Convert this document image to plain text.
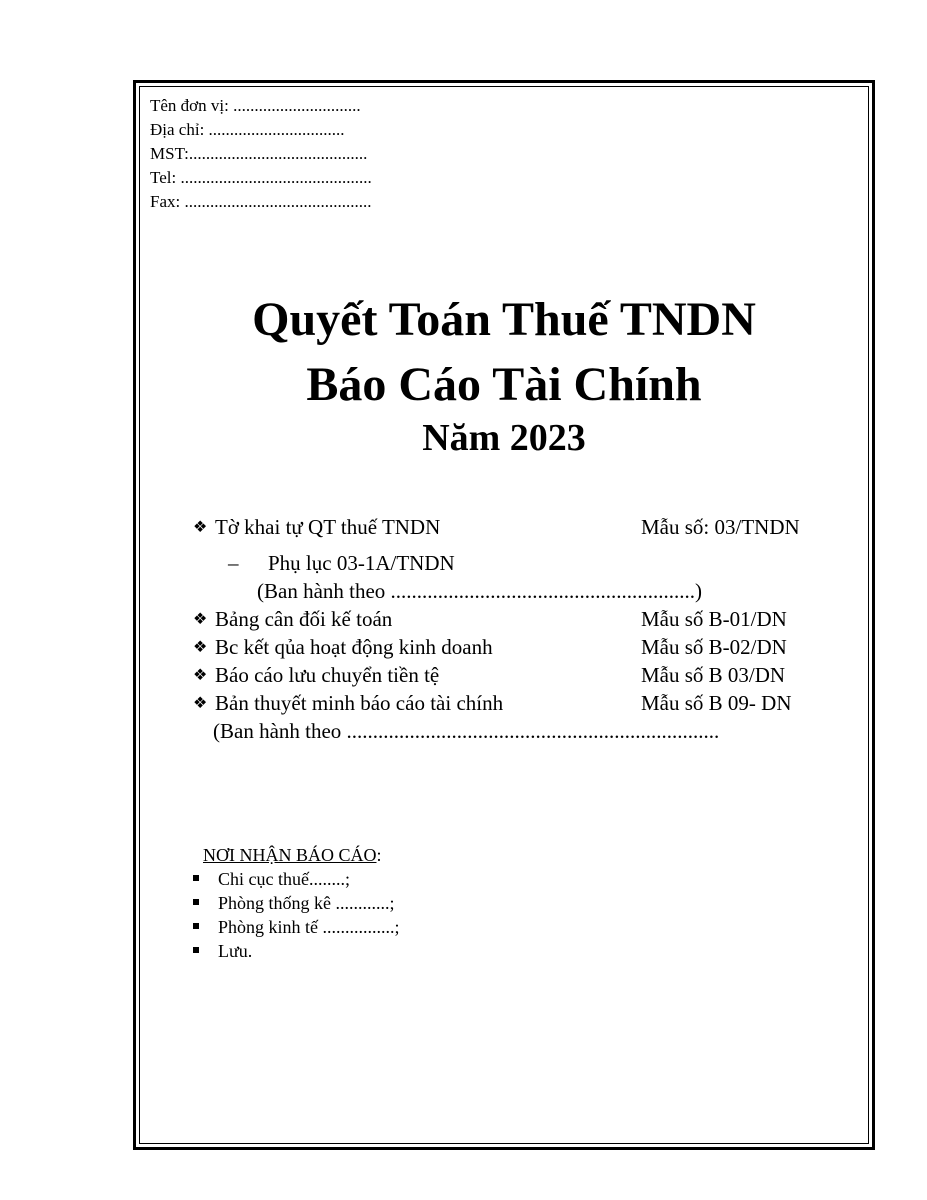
Tên đơn vị: ..............................
Địa chỉ: ................................
MST:..........................................
Tel: .............................................
Fax: ............................................
Quyết Toán Thuế TNDN
Báo Cáo Tài Chính
Năm 2023
❖ Tờ khai tự QT thuế TNDN	Mẫu số: 03/TNDN
– Phụ lục 03-1A/TNDN
(Ban hành theo ..........................................................)
❖ Bảng cân đối kế toán	Mẫu số B-01/DN
❖ Bc kết qủa hoạt động kinh doanh	Mẫu số B-02/DN
❖ Báo cáo lưu chuyển tiền tệ	Mẫu số B 03/DN
❖ Bản thuyết minh báo cáo tài chính	Mẫu số B 09- DN
(Ban hành theo .......................................................................
NƠI NHẬN BÁO CÁO:
Chi cục thuế........;
Phòng thống kê ............;
Phòng kinh tế ................;
Lưu.
